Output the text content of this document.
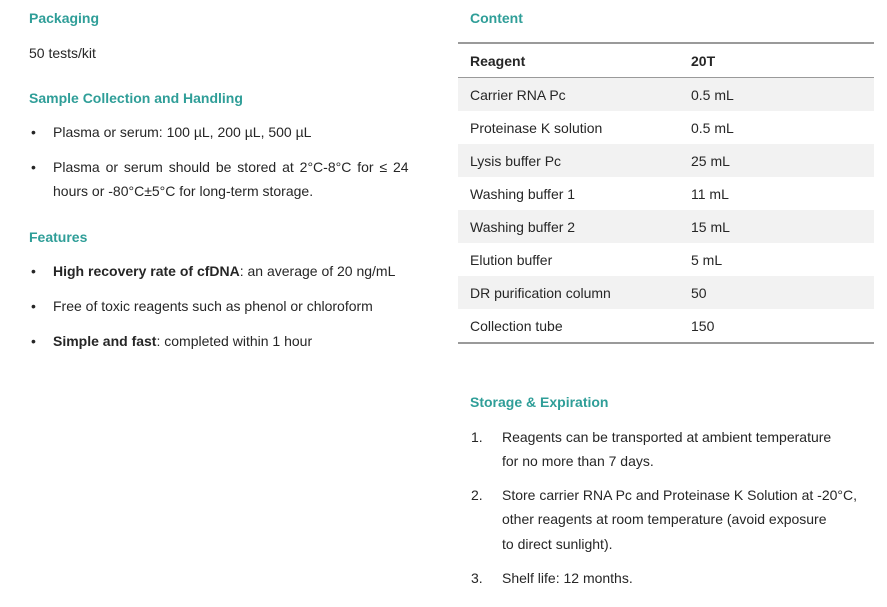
Packaging
50 tests/kit
Sample Collection and Handling
• Plasma or serum: 100 µL, 200 µL, 500 µL
• Plasma or serum should be stored at 2°C-8°C for ≤ 24
hours or -80°C±5°C for long-term storage.
Features
• High recovery rate of cfDNA: an average of 20 ng/mL
• Free of toxic reagents such as phenol or chloroform
• Simple and fast: completed within 1 hour
Content
Reagent	20T
Carrier RNA Pc	0.5 mL
Proteinase K solution	0.5 mL
Lysis buffer Pc	25 mL
Washing buffer 1	11 mL
Washing buffer 2	15 mL
Elution buffer	5 mL
DR purification column	50
Collection tube	150
Storage & Expiration
1. Reagents can be transported at ambient temperature
for no more than 7 days.
2. Store carrier RNA Pc and Proteinase K Solution at -20°C,
other reagents at room temperature (avoid exposure
to direct sunlight).
3. Shelf life: 12 months.
